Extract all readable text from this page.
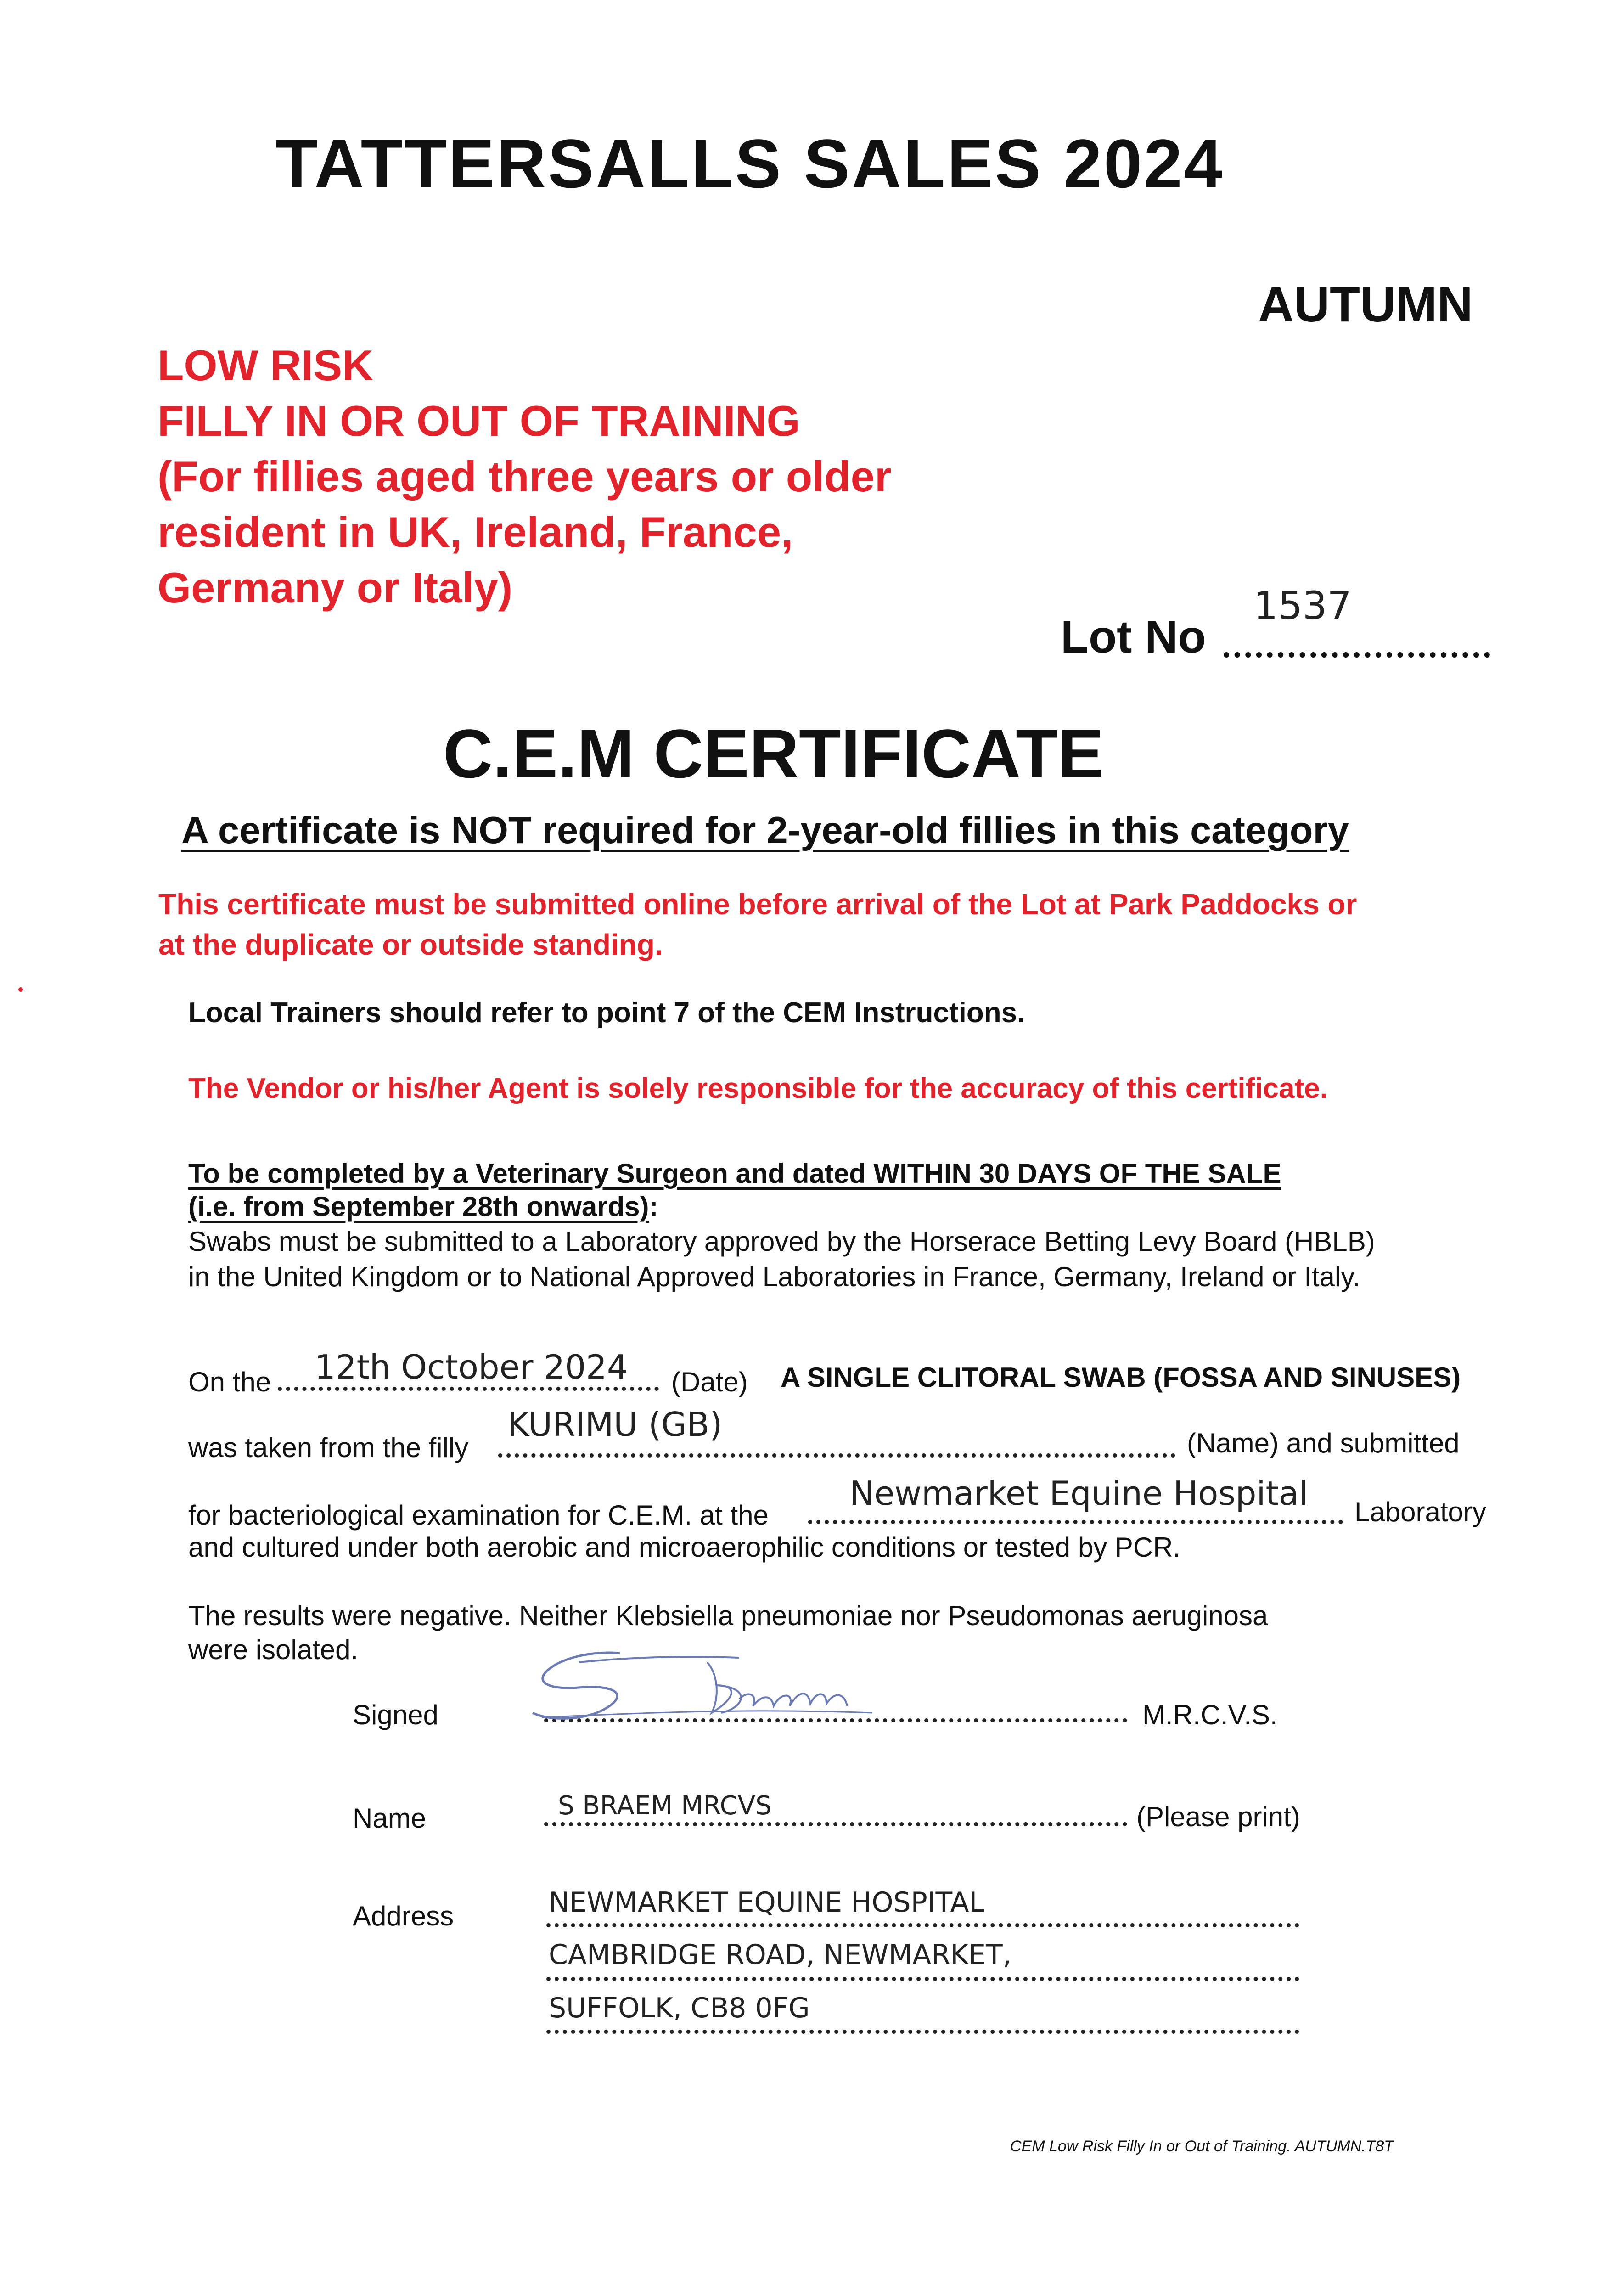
TATTERSALLS SALES 2024
AUTUMN
LOW RISK
FILLY IN OR OUT OF TRAINING
(For fillies aged three years or older
resident in UK, Ireland, France,
Germany or Italy)
Lot No
1537
C.E.M CERTIFICATE
A certificate is NOT required for 2-year-old fillies in this category
This certificate must be submitted online before arrival of the Lot at Park Paddocks or
at the duplicate or outside standing.
Local Trainers should refer to point 7 of the CEM Instructions.
The Vendor or his/her Agent is solely responsible for the accuracy of this certificate.
To be completed by a Veterinary Surgeon and dated WITHIN 30 DAYS OF THE SALE
(i.e. from September 28th onwards):
Swabs must be submitted to a Laboratory approved by the Horserace Betting Levy Board (HBLB)
in the United Kingdom or to National Approved Laboratories in France, Germany, Ireland or Italy.
On the 12th October 2024 (Date) A SINGLE CLITORAL SWAB (FOSSA AND SINUSES)
was taken from the filly
KURIMU (GB)	(Name) and submitted
for bacteriological examination for C.E.M. at the
Newmarket Equine Hospital Laboratory
and cultured under both aerobic and microaerophilic conditions or tested by PCR.
The results were negative. Neither Klebsiella pneumoniae nor Pseudomonas aeruginosa
were isolated.
Signed	M.R.C.V.S.
Name	S BRAEM MRCVS	(Please print)
Address	NEWMARKET EQUINE HOSPITAL
CAMBRIDGE ROAD, NEWMARKET,
SUFFOLK, CB8 0FG
CEM Low Risk Filly In or Out of Training. AUTUMN.T8T
